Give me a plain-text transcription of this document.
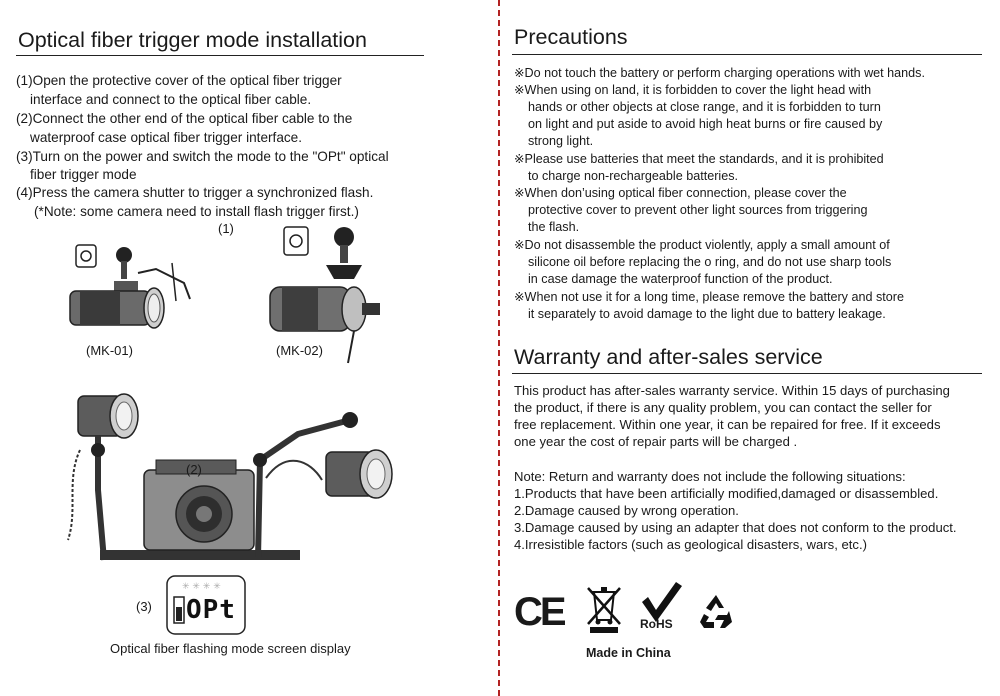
Optical fiber trigger mode installation
(1)Open the protective cover of the optical fiber trigger
interface and connect to the optical fiber cable.
(2)Connect the other end of the optical fiber cable to the
waterproof case optical fiber trigger interface.
(3)Turn on the power and switch the mode to the "OPt" optical
fiber trigger mode
(4)Press the camera shutter to trigger a synchronized flash.
(*Note: some camera need to install flash trigger first.)
(1)
(MK-01)	(MK-02)
(2)
(3)
✳ ✳ ✳ ✳
OPt
Optical fiber flashing mode screen display
Precautions
※Do not touch the battery or perform charging operations with wet hands.
※When using on land, it is forbidden to cover the light head with
hands or other objects at close range, and it is forbidden to turn
on light and put aside to avoid high heat burns or fire caused by
strong light.
※Please use batteries that meet the standards, and it is prohibited
to charge non-rechargeable batteries.
※When don’using optical fiber connection, please cover the
protective cover to prevent other light sources from triggering
the flash.
※Do not disassemble the product violently, apply a small amount of
silicone oil before replacing the o ring, and do not use sharp tools
in case damage the waterproof function of the product.
※When not use it for a long time, please remove the battery and store
it separately to avoid damage to the light due to battery leakage.
Warranty and after-sales service
This product has after-sales warranty service. Within 15 days of purchasing
the product, if there is any quality problem, you can contact the seller for
free replacement. Within one year, it can be repaired for free. If it exceeds
one year the cost of repair parts will be charged .
Note: Return and warranty does not include the following situations:
1.Products that have been artificially modified,damaged or disassembled.
2.Damage caused by wrong operation.
3.Damage caused by using an adapter that does not conform to the product.
4.Irresistible factors (such as geological disasters, wars, etc.)
CE	RoHS
Made in China
